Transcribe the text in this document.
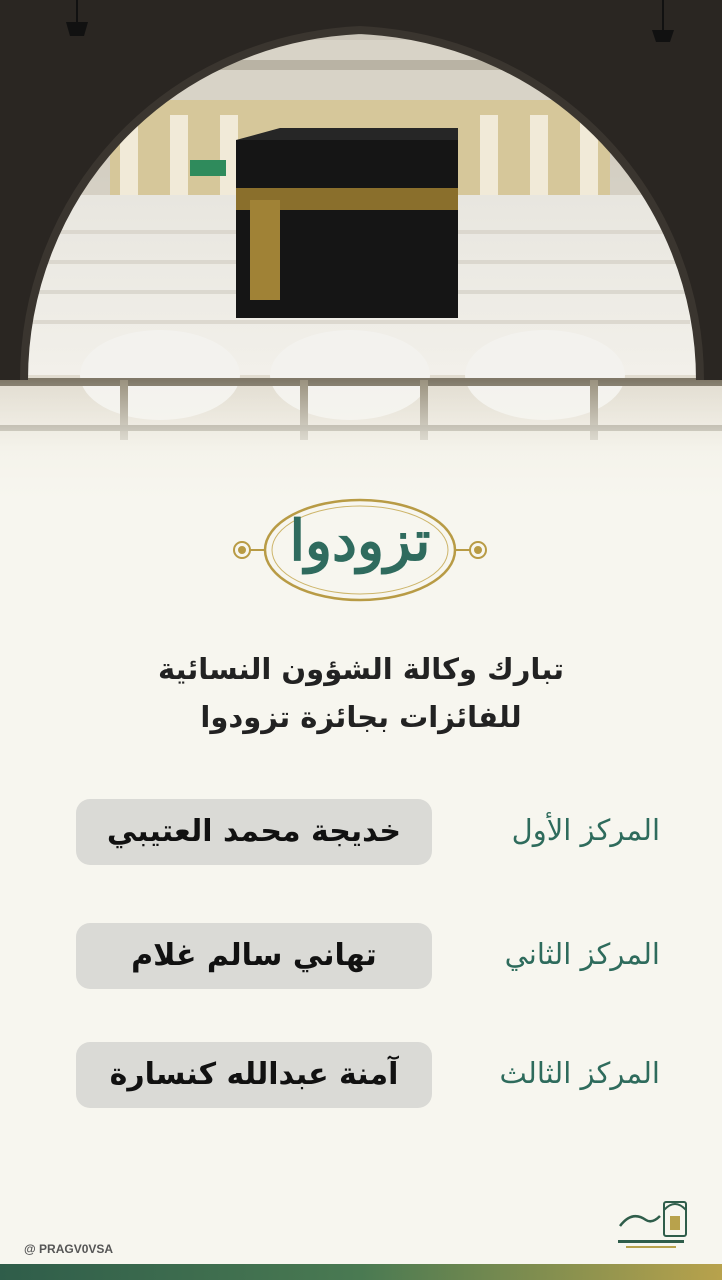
تزودوا
تبارك وكالة الشؤون النسائية
للفائزات بجائزة تزودوا
المركز الأول
خديجة محمد العتيبي
المركز الثاني
تهاني سالم غلام
المركز الثالث
آمنة عبدالله كنسارة
@ PRAGV0VSA
